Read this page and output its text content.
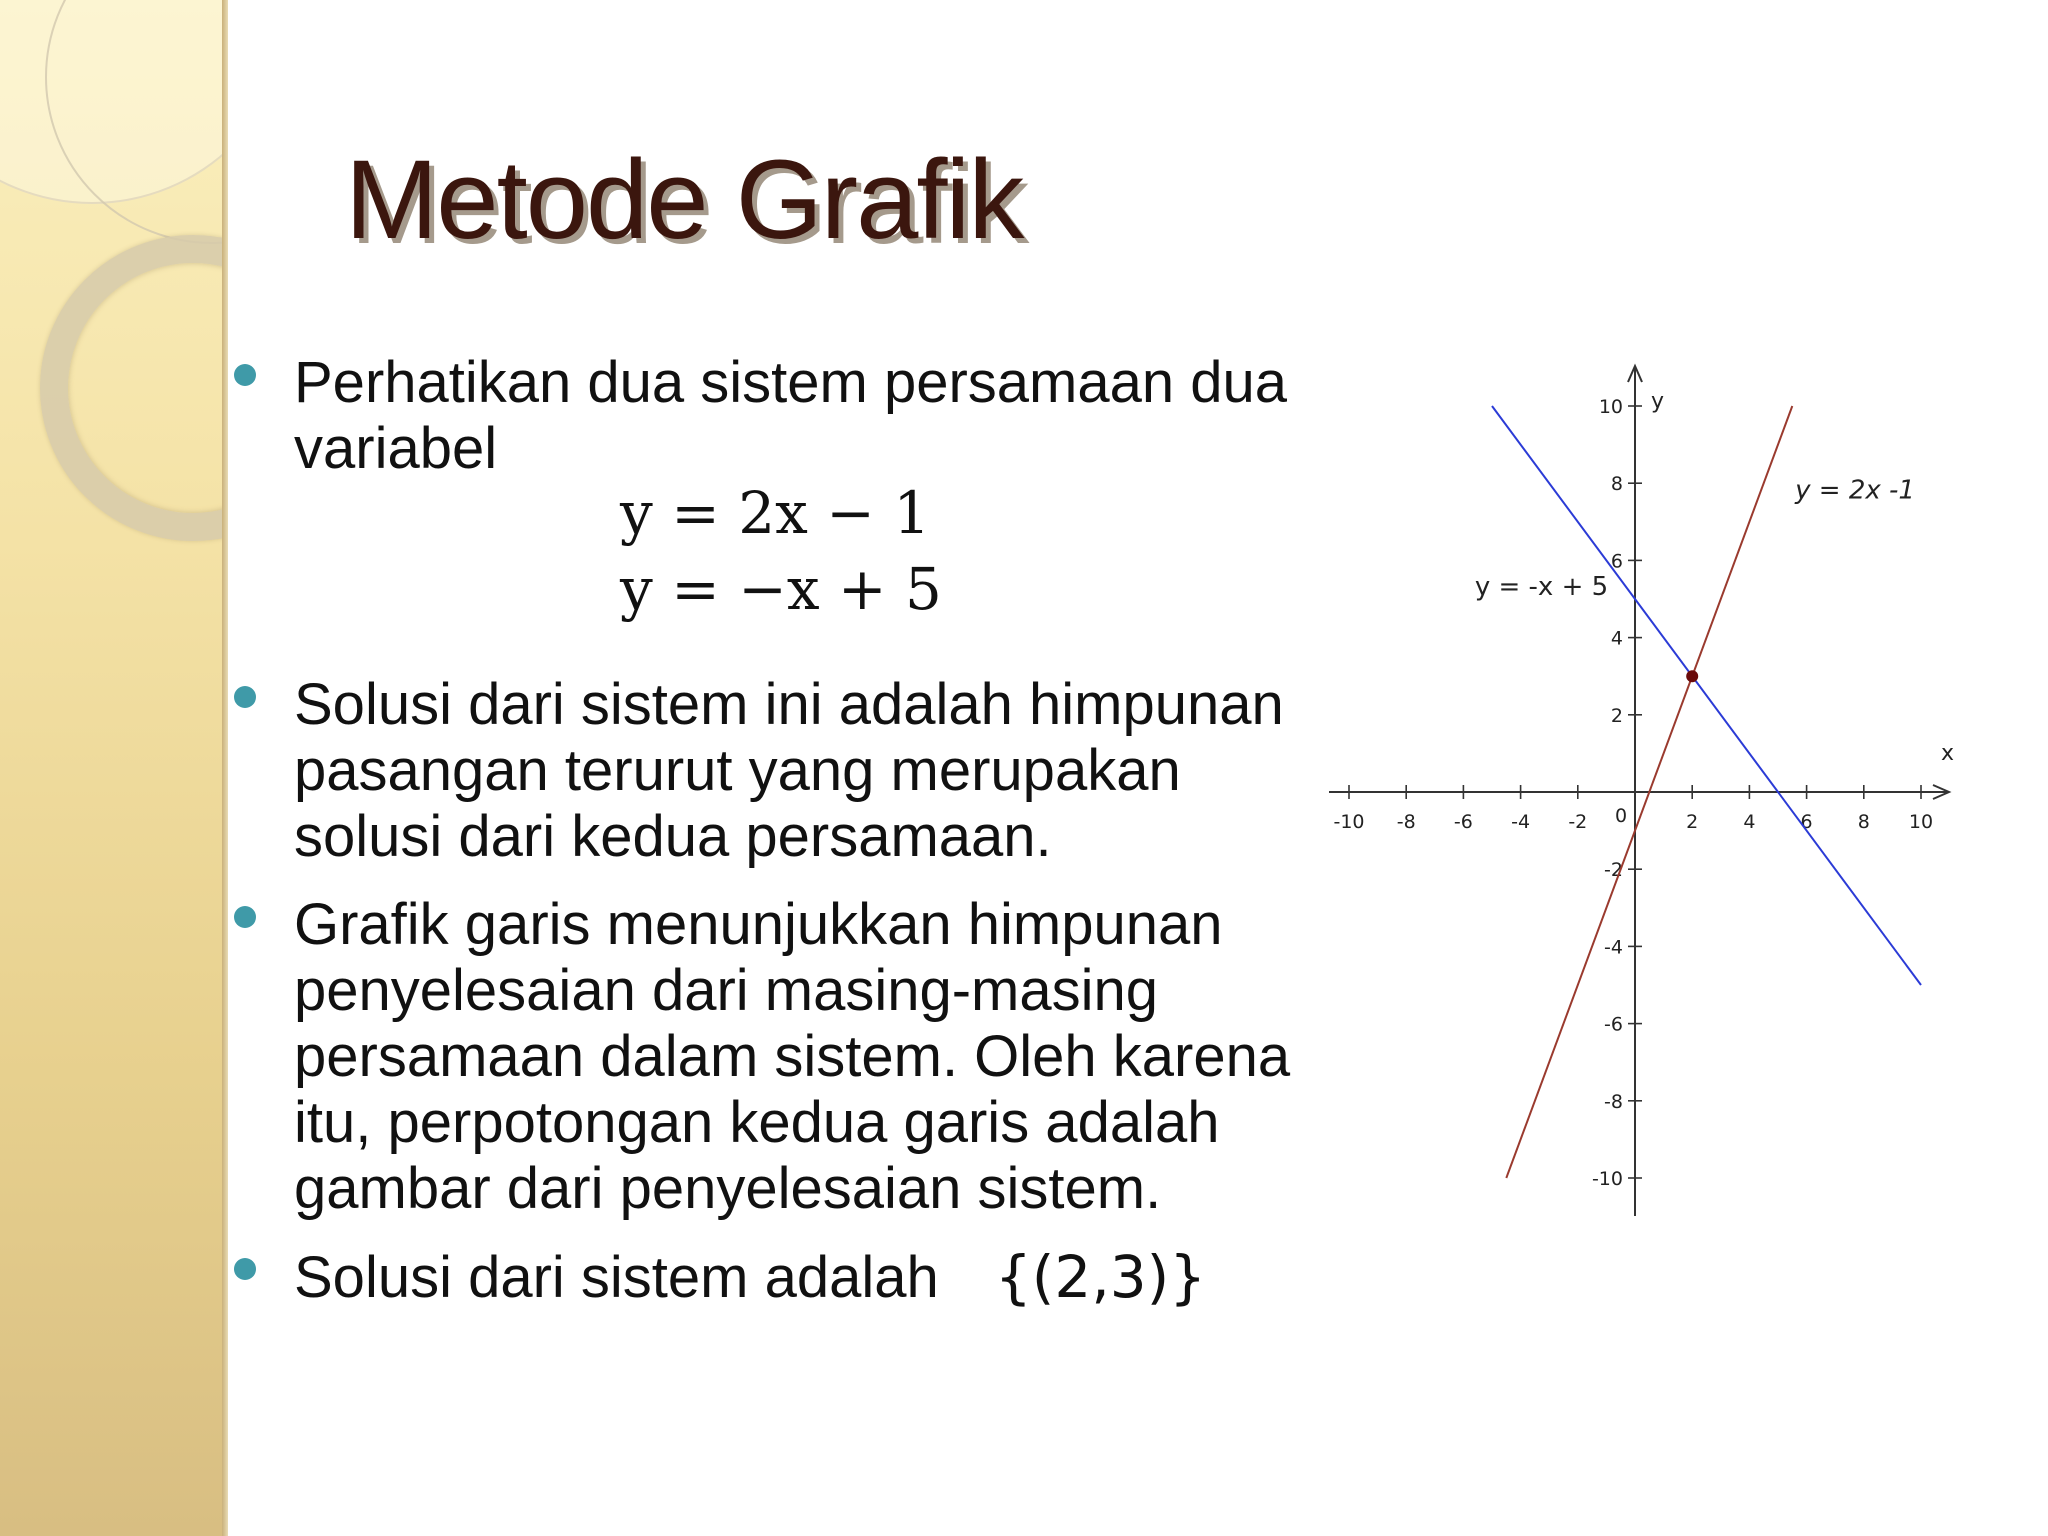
Metode Grafik
Perhatikan dua sistem persamaan dua variabel
Solusi dari sistem ini adalah himpunan pasangan terurut yang merupakan solusi dari kedua persamaan.
Grafik garis menunjukkan himpunan penyelesaian dari masing-masing persamaan dalam sistem. Oleh karena itu, perpotongan kedua garis adalah gambar dari penyelesaian sistem.
Solusi dari sistem adalah {(2,3)}
y = 2x − 1
y = −x + 5
-10 -8 -6 -4 -2 0	2 4 6 8 10
-10
-8
-6
-4
-2
2
4
6
8
10
x
y
y = 2x -1
y = -x + 5
